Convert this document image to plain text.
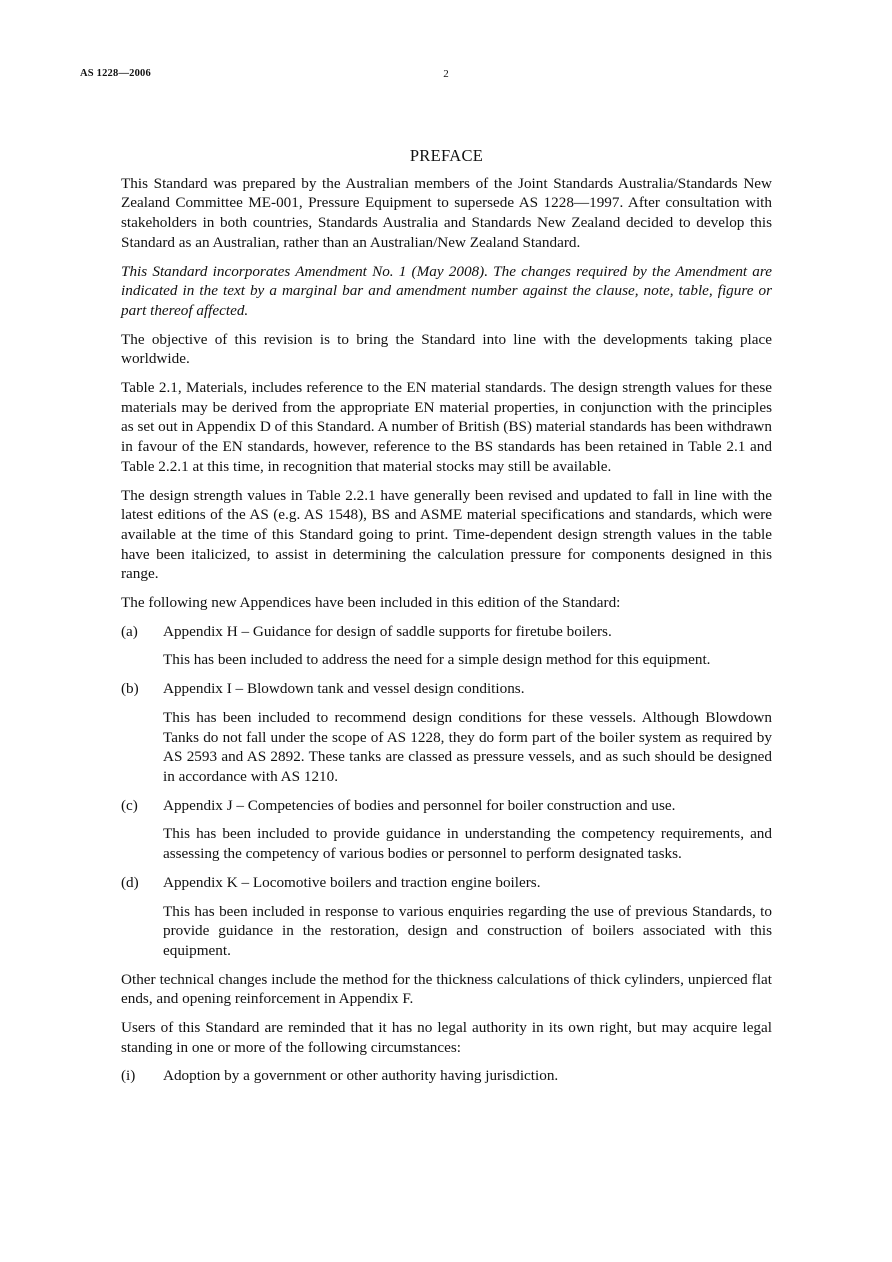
AS 1228—2006	2
PREFACE

This Standard was prepared by the Australian members of the Joint Standards Australia/Standards New Zealand Committee ME-001, Pressure Equipment to supersede AS 1228—1997. After consultation with stakeholders in both countries, Standards Australia and Standards New Zealand decided to develop this Standard as an Australian, rather than an Australian/New Zealand Standard.

This Standard incorporates Amendment No. 1 (May 2008). The changes required by the Amendment are indicated in the text by a marginal bar and amendment number against the clause, note, table, figure or part thereof affected.

The objective of this revision is to bring the Standard into line with the developments taking place worldwide.

Table 2.1, Materials, includes reference to the EN material standards. The design strength values for these materials may be derived from the appropriate EN material properties, in conjunction with the principles as set out in Appendix D of this Standard. A number of British (BS) material standards has been withdrawn in favour of the EN standards, however, reference to the BS standards has been retained in Table 2.1 and Table 2.2.1 at this time, in recognition that material stocks may still be available.

The design strength values in Table 2.2.1 have generally been revised and updated to fall in line with the latest editions of the AS (e.g. AS 1548), BS and ASME material specifications and standards, which were available at the time of this Standard going to print. Time-dependent design strength values in the table have been italicized, to assist in determining the calculation pressure for components designed in this range.

The following new Appendices have been included in this edition of the Standard:

(a)	Appendix H – Guidance for design of saddle supports for firetube boilers.
This has been included to address the need for a simple design method for this equipment.
(b)	Appendix I – Blowdown tank and vessel design conditions.
This has been included to recommend design conditions for these vessels. Although Blowdown Tanks do not fall under the scope of AS 1228, they do form part of the boiler system as required by AS 2593 and AS 2892. These tanks are classed as pressure vessels, and as such should be designed in accordance with AS 1210.
(c)	Appendix J – Competencies of bodies and personnel for boiler construction and use.
This has been included to provide guidance in understanding the competency requirements, and assessing the competency of various bodies or personnel to perform designated tasks.
(d)	Appendix K – Locomotive boilers and traction engine boilers.
This has been included in response to various enquiries regarding the use of previous Standards, to provide guidance in the restoration, design and construction of boilers associated with this equipment.

Other technical changes include the method for the thickness calculations of thick cylinders, unpierced flat ends, and opening reinforcement in Appendix F.

Users of this Standard are reminded that it has no legal authority in its own right, but may acquire legal standing in one or more of the following circumstances:

(i)	Adoption by a government or other authority having jurisdiction.
